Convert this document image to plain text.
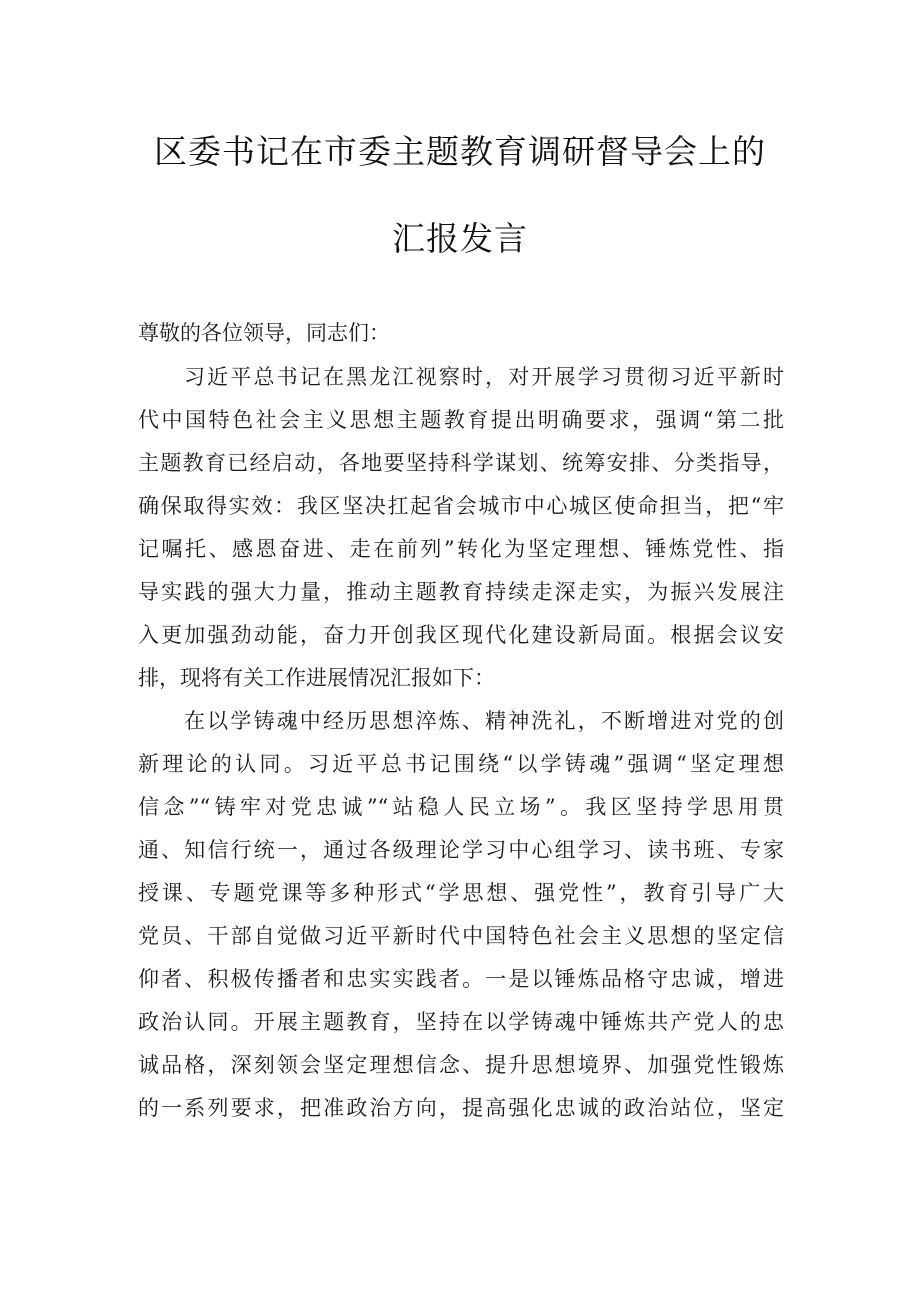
区委书记在市委主题教育调研督导会上的
汇报发言
尊敬的各位领导，同志们：
习近平总书记在黑龙江视察时，对开展学习贯彻习近平新时
代中国特色社会主义思想主题教育提出明确要求，强调“第二批
主题教育已经启动，各地要坚持科学谋划、统筹安排、分类指导，
确保取得实效：我区坚决扛起省会城市中心城区使命担当，把“牢
记嘱托、感恩奋进、走在前列”转化为坚定理想、锤炼党性、指
导实践的强大力量，推动主题教育持续走深走实，为振兴发展注
入更加强劲动能，奋力开创我区现代化建设新局面。根据会议安
排，现将有关工作进展情况汇报如下：
在以学铸魂中经历思想淬炼、精神洗礼，不断增进对党的创
新理论的认同。习近平总书记围绕“以学铸魂”强调“坚定理想
信念”“铸牢对党忠诚”“站稳人民立场”。我区坚持学思用贯
通、知信行统一，通过各级理论学习中心组学习、读书班、专家
授课、专题党课等多种形式“学思想、强党性”，教育引导广大
党员、干部自觉做习近平新时代中国特色社会主义思想的坚定信
仰者、积极传播者和忠实实践者。一是以锤炼品格守忠诚，增进
政治认同。开展主题教育，坚持在以学铸魂中锤炼共产党人的忠
诚品格，深刻领会坚定理想信念、提升思想境界、加强党性锻炼
的一系列要求，把准政治方向，提高强化忠诚的政治站位，坚定
